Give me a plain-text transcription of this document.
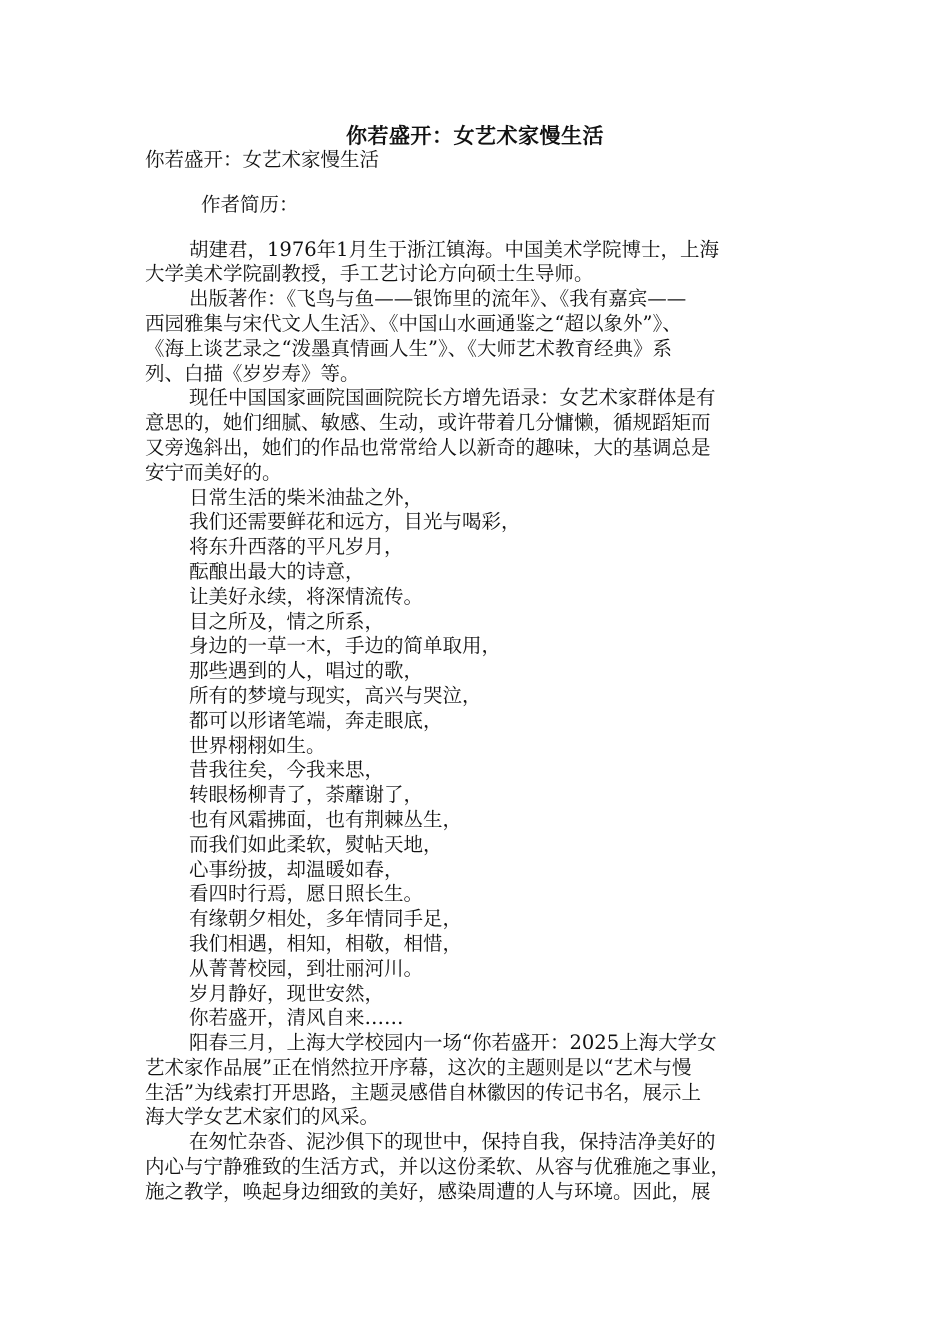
你若盛开：女艺术家慢生活
你若盛开：女艺术家慢生活
作者简历：
胡建君，1976年1月生于浙江镇海。中国美术学院博士，上海
大学美术学院副教授，手工艺讨论方向硕士生导师。
出版著作：《飞鸟与鱼——银饰里的流年》、《我有嘉宾——
西园雅集与宋代文人生活》、《中国山水画通鉴之“超以象外”》、
《海上谈艺录之“泼墨真情画人生”》、《大师艺术教育经典》系
列、白描《岁岁寿》等。
现任中国国家画院国画院院长方增先语录：女艺术家群体是有
意思的，她们细腻、敏感、生动，或许带着几分慵懒，循规蹈矩而
又旁逸斜出，她们的作品也常常给人以新奇的趣味，大的基调总是
安宁而美好的。
日常生活的柴米油盐之外，
我们还需要鲜花和远方，目光与喝彩，
将东升西落的平凡岁月，
酝酿出最大的诗意，
让美好永续，将深情流传。
目之所及，情之所系，
身边的一草一木，手边的简单取用，
那些遇到的人，唱过的歌，
所有的梦境与现实，高兴与哭泣，
都可以形诸笔端，奔走眼底，
世界栩栩如生。
昔我往矣，今我来思，
转眼杨柳青了，荼蘼谢了，
也有风霜拂面，也有荆棘丛生，
而我们如此柔软，熨帖天地，
心事纷披，却温暖如春，
看四时行焉，愿日照长生。
有缘朝夕相处，多年情同手足，
我们相遇，相知，相敬，相惜，
从菁菁校园，到壮丽河川。
岁月静好，现世安然，
你若盛开，清风自来……
阳春三月，上海大学校园内一场“你若盛开：2025上海大学女
艺术家作品展”正在悄然拉开序幕，这次的主题则是以“艺术与慢
生活”为线索打开思路，主题灵感借自林徽因的传记书名，展示上
海大学女艺术家们的风采。
在匆忙杂沓、泥沙俱下的现世中，保持自我，保持洁净美好的
内心与宁静雅致的生活方式，并以这份柔软、从容与优雅施之事业，
施之教学，唤起身边细致的美好，感染周遭的人与环境。因此，展
